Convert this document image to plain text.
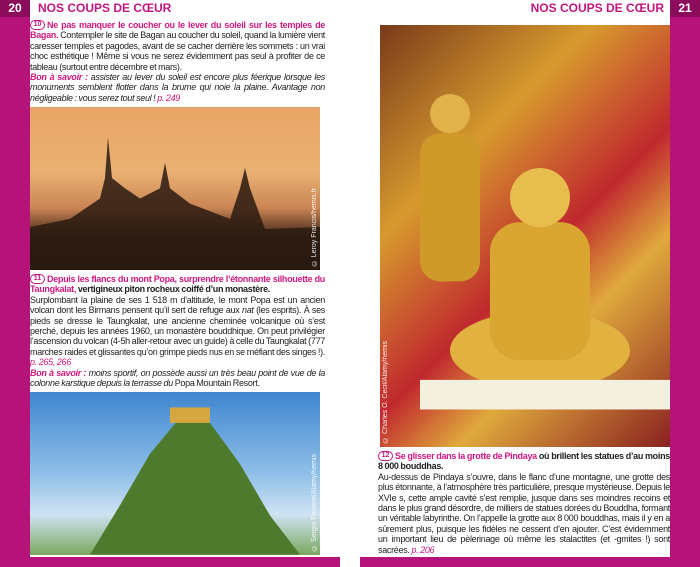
20	NOS COUPS DE CŒUR	21
NOS COUPS DE CŒUR
10 Ne pas manquer le coucher ou le lever du soleil sur les temples de Bagan. Contempler le site de Bagan au coucher du soleil, quand la lumière vient caresser temples et pagodes, avant de se cacher derrière les sommets : un vrai choc esthétique ! Même si vous ne serez évidemment pas seul à profiter de ce tableau (surtout entre décembre et mars).
Bon à savoir : assister au lever du soleil est encore plus féerique lorsque les monuments semblent flotter dans la brume qui noie la plaine. Avantage non négligeable : vous serez tout seul ! p. 249
© Leroy Francis/hemis.fr
11 Depuis les flancs du mont Popa, surprendre l’étonnante silhouette du Taungkalat, vertigineux piton rocheux coiffé d’un monastère.
Surplombant la plaine de ses 1 518 m d’altitude, le mont Popa est un ancien volcan dont les Birmans pensent qu’il sert de refuge aux nat (les esprits). À ses pieds se dresse le Taungkalat, une ancienne cheminée volcanique où s’est perché, depuis les années 1960, un monastère bouddhique. On peut privilégier l’ascension du volcan (4-5h aller-retour avec un guide) à celle du Taungkalat (777 marches raides et glissantes qu’on grimpe pieds nus en se méfiant des singes !). p. 265, 266
Bon à savoir : moins sportif, on possède aussi un très beau point de vue de la colonne karstique depuis la terrasse du Popa Mountain Resort.
© Sergio Pavone/Alamy/hemis
© Charles O. Cecil/Alamy/hemis
12 Se glisser dans la grotte de Pindaya où brillent les statues d’au moins 8 000 bouddhas.
Au-dessus de Pindaya s’ouvre, dans le flanc d’une montagne, une grotte des plus étonnante, à l’atmosphère très particulière, presque mystérieuse. Depuis le XVIe s, cette ample cavité s’est remplie, jusque dans ses moindres recoins et dans le plus grand désordre, de milliers de statues dorées du Bouddha, formant un véritable labyrinthe. On l’appelle la grotte aux 8 000 bouddhas, mais il y en a sûrement plus, puisque les fidèles ne cessent d’en ajouter. C’est évidemment un important lieu de pèlerinage où même les stalactites (et -gmites !) sont sacrées. p. 206
